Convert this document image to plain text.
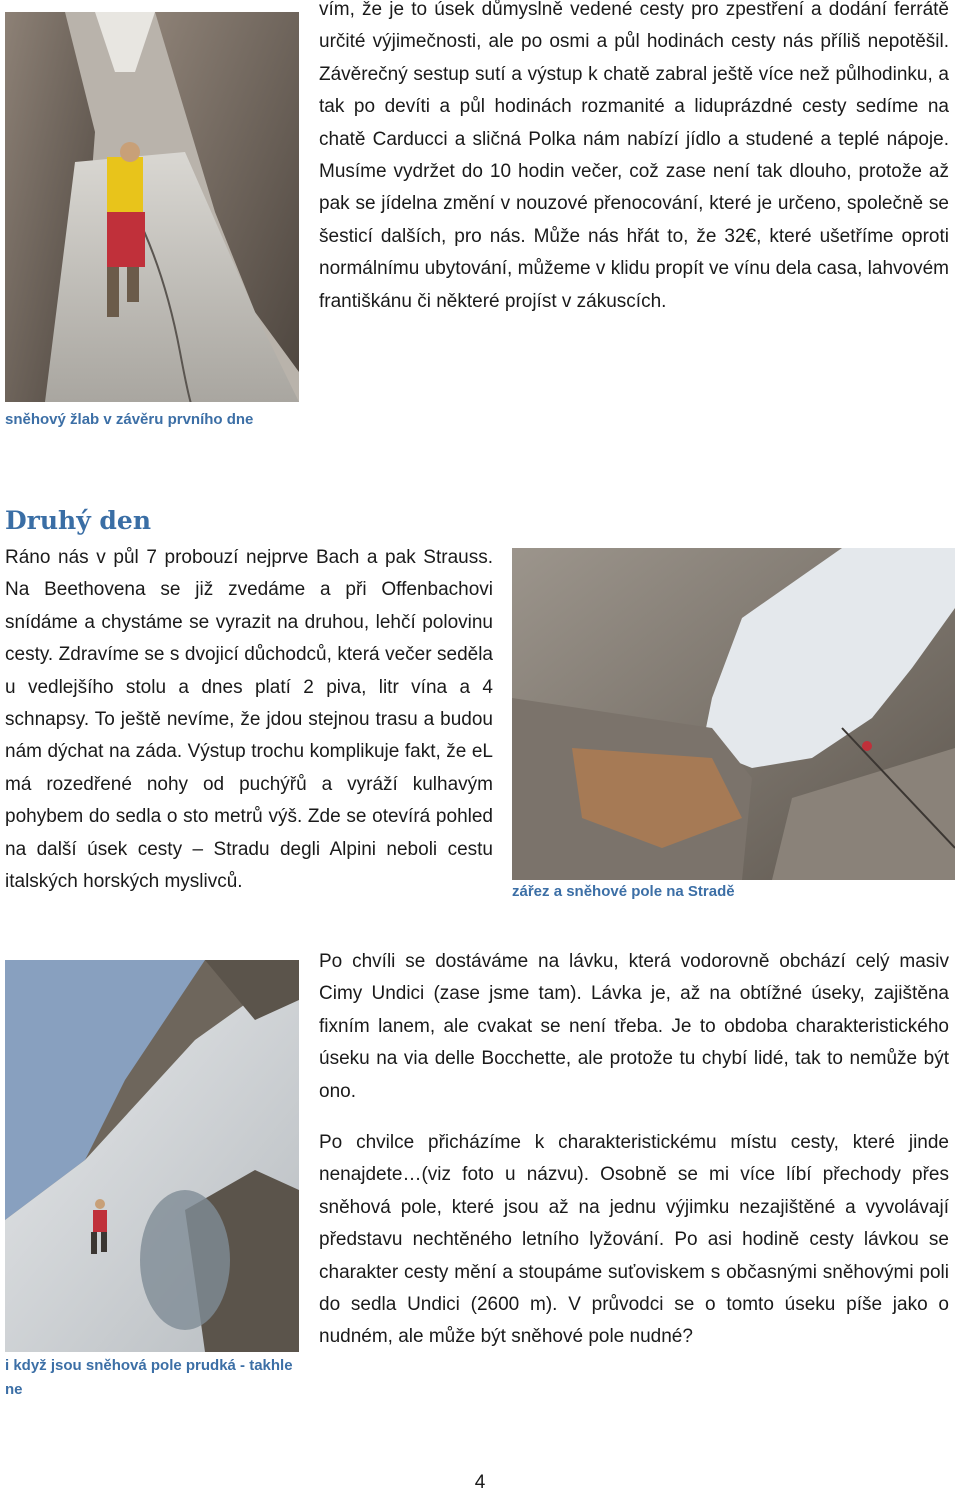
vím, že je to úsek důmyslně vedené cesty pro zpestření a dodání ferrátě určité výjimečnosti, ale po osmi a půl hodinách cesty nás příliš nepotěšil. Závěrečný sestup sutí a výstup k chatě zabral ještě více než půlhodinku, a tak po devíti a půl hodinách rozmanité a liduprázdné cesty sedíme na chatě Carducci a sličná Polka nám nabízí jídlo a studené a teplé nápoje. Musíme vydržet do 10 hodin večer, což zase není tak dlouho, protože až pak se jídelna změní v nouzové přenocování, které je určeno, společně se šesticí dalších, pro nás. Může nás hřát to, že 32€, které ušetříme oproti normálnímu ubytování, můžeme v klidu propít ve vínu dela casa, lahvovém františkánu či některé projíst v zákuscích.

sněhový žlab v závěru prvního dne

Druhý den

Ráno nás v půl 7 probouzí nejprve Bach a pak Strauss. Na Beethovena se již zvedáme a při Offenbachovi snídáme a chystáme se vyrazit na druhou, lehčí polovinu cesty. Zdravíme se s dvojicí důchodců, která večer seděla u vedlejšího stolu a dnes platí 2 piva, litr vína a 4 schnapsy. To ještě nevíme, že jdou stejnou trasu a budou nám dýchat na záda. Výstup trochu komplikuje fakt, že eL má rozedřené nohy od puchýřů a vyráží kulhavým pohybem do sedla o sto metrů výš. Zde se otevírá pohled na další úsek cesty – Stradu degli Alpini neboli cestu italských horských myslivců.	zářez a sněhové pole na Stradě

i když jsou sněhová pole prudká - takhle ne

Po chvíli se dostáváme na lávku, která vodorovně obchází celý masiv Cimy Undici (zase jsme tam). Lávka je, až na obtížné úseky, zajištěna fixním lanem, ale cvakat se není třeba. Je to obdoba charakteristického úseku na via delle Bocchette, ale protože tu chybí lidé, tak to nemůže být ono.

Po chvilce přicházíme k charakteristickému místu cesty, které jinde nenajdete…(viz foto u názvu). Osobně se mi více líbí přechody přes sněhová pole, které jsou až na jednu výjimku nezajištěné a vyvolávají představu nechtěného letního lyžování. Po asi hodině cesty lávkou se charakter cesty mění a stoupáme suťoviskem s občasnými sněhovými poli do sedla Undici (2600 m). V průvodci se o tomto úseku píše jako o nudném, ale může být sněhové pole nudné?

4
